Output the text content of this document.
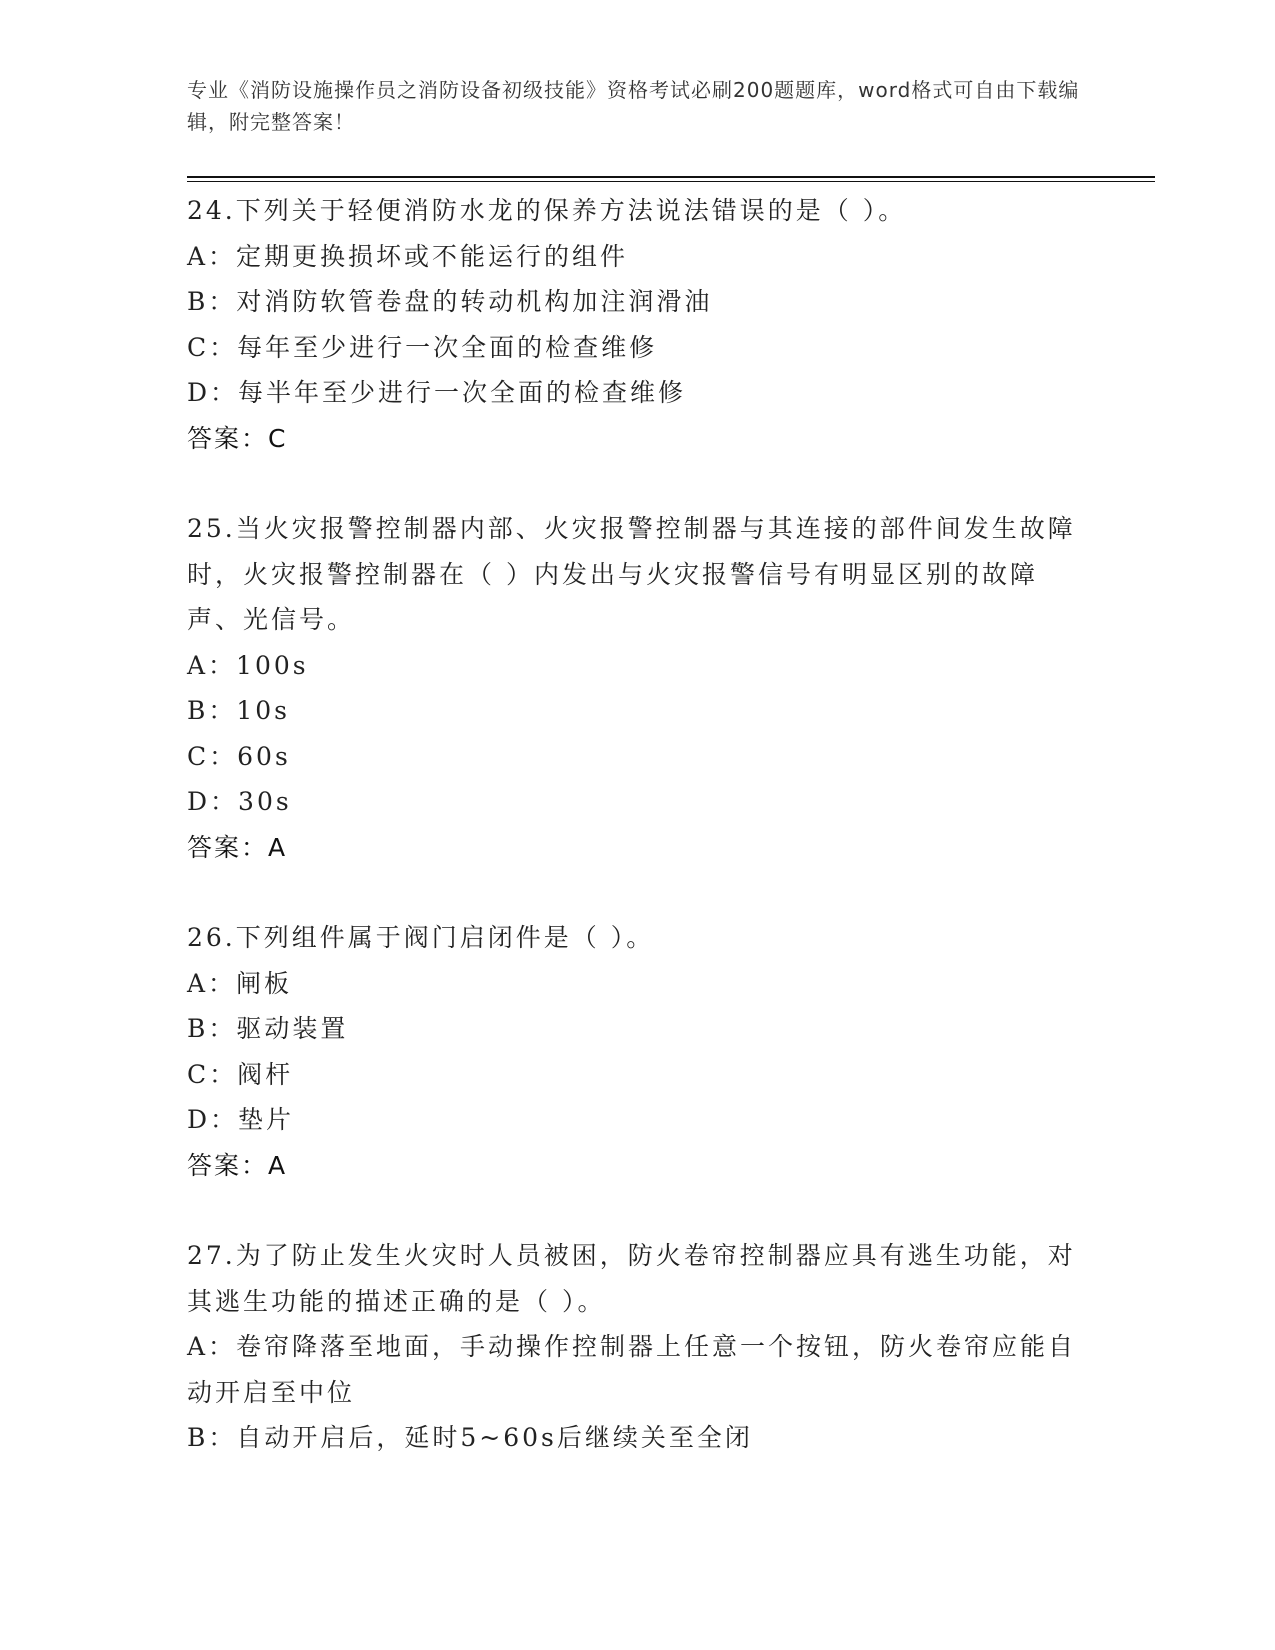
专业《消防设施操作员之消防设备初级技能》资格考试必刷200题题库，word格式可自由下载编辑，附完整答案！

24.下列关于轻便消防水龙的保养方法说法错误的是（ ）。

A：定期更换损坏或不能运行的组件

B：对消防软管卷盘的转动机构加注润滑油

C：每年至少进行一次全面的检查维修

D：每半年至少进行一次全面的检查维修

答案：C

25.当火灾报警控制器内部、火灾报警控制器与其连接的部件间发生故障时，火灾报警控制器在（ ）内发出与火灾报警信号有明显区别的故障声、光信号。

A：100s

B：10s

C：60s

D：30s

答案：A

26.下列组件属于阀门启闭件是（ ）。

A：闸板

B：驱动装置

C：阀杆

D：垫片

答案：A

27.为了防止发生火灾时人员被困，防火卷帘控制器应具有逃生功能，对其逃生功能的描述正确的是（ ）。

A：卷帘降落至地面，手动操作控制器上任意一个按钮，防火卷帘应能自动开启至中位

B：自动开启后，延时5~60s后继续关至全闭
